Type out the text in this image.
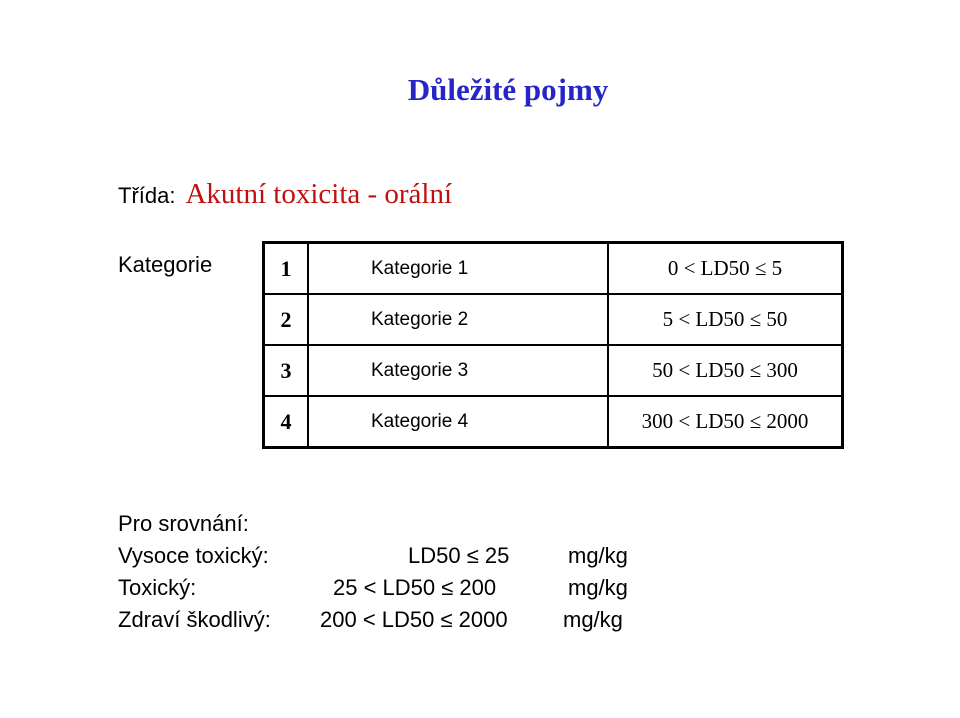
Důležité pojmy
Třída: Akutní toxicita - orální
Kategorie	1	Kategorie 1	0 < LD50 ≤ 5
2	Kategorie 2	5 < LD50 ≤ 50
3	Kategorie 3	50 < LD50 ≤ 300
4	Kategorie 4	300 < LD50 ≤ 2000
Pro srovnání:
Vysoce toxický:	LD50 ≤ 25	mg/kg
Toxický:	25 < LD50 ≤ 200	mg/kg
Zdraví škodlivý: 200 < LD50 ≤ 2000	mg/kg
